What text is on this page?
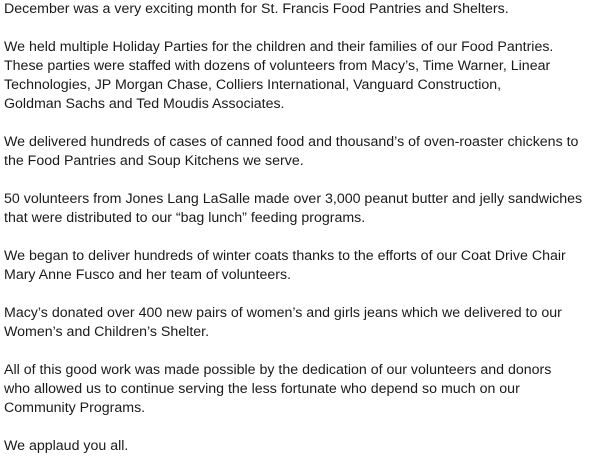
December was a very exciting month for St. Francis Food Pantries and Shelters.

We held multiple Holiday Parties for the children and their families of our Food Pantries.
These parties were staffed with dozens of volunteers from Macy’s, Time Warner, Linear
Technologies, JP Morgan Chase, Colliers International, Vanguard Construction,
Goldman Sachs and Ted Moudis Associates.

We delivered hundreds of cases of canned food and thousand’s of oven-roaster chickens to
the Food Pantries and Soup Kitchens we serve.

50 volunteers from Jones Lang LaSalle made over 3,000 peanut butter and jelly sandwiches
that were distributed to our “bag lunch” feeding programs.

We began to deliver hundreds of winter coats thanks to the efforts of our Coat Drive Chair
Mary Anne Fusco and her team of volunteers.

Macy’s donated over 400 new pairs of women’s and girls jeans which we delivered to our
Women’s and Children’s Shelter.

All of this good work was made possible by the dedication of our volunteers and donors
who allowed us to continue serving the less fortunate who depend so much on our
Community Programs.

We applaud you all.
